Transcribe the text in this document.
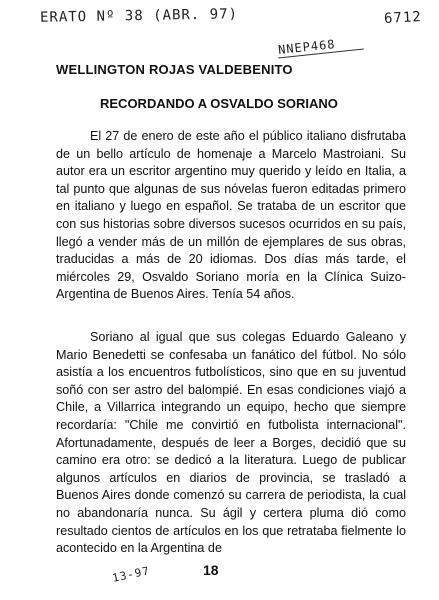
ERATO Nº 38 (ABR. 97)
NNEP468
6712
WELLINGTON ROJAS VALDEBENITO
RECORDANDO A OSVALDO SORIANO

El 27 de enero de este año el público italiano disfrutaba de un bello artículo de homenaje a Marcelo Mastroiani. Su autor era un escritor argentino muy querido y leído en Italia, a tal punto que algunas de sus nóvelas fueron editadas primero en italiano y luego en español. Se trataba de un escritor que con sus historias sobre diversos sucesos ocurridos en su país, llegó a vender más de un millón de ejemplares de sus obras, traducidas a más de 20 idiomas. Dos días más tarde, el miércoles 29, Osvaldo Soriano moría en la Clínica Suizo-Argentina de Buenos Aires. Tenía 54 años.

Soriano al igual que sus colegas Eduardo Galeano y Mario Benedetti se confesaba un fanático del fútbol. No sólo asistía a los encuentros futbolísticos, sino que en su juventud soñó con ser astro del balompié. En esas condiciones viajó a Chile, a Villarrica integrando un equipo, hecho que siempre recordaría: "Chile me convirtió en futbolista internacional". Afortunadamente, después de leer a Borges, decidió que su camino era otro: se dedicó a la literatura. Luego de publicar algunos artículos en diarios de provincia, se trasladó a Buenos Aires donde comenzó su carrera de periodista, la cual no abandonaría nunca. Su ágil y certera pluma dió como resultado cientos de artículos en los que retrataba fielmente lo acontecido en la Argentina de

18
13-97
